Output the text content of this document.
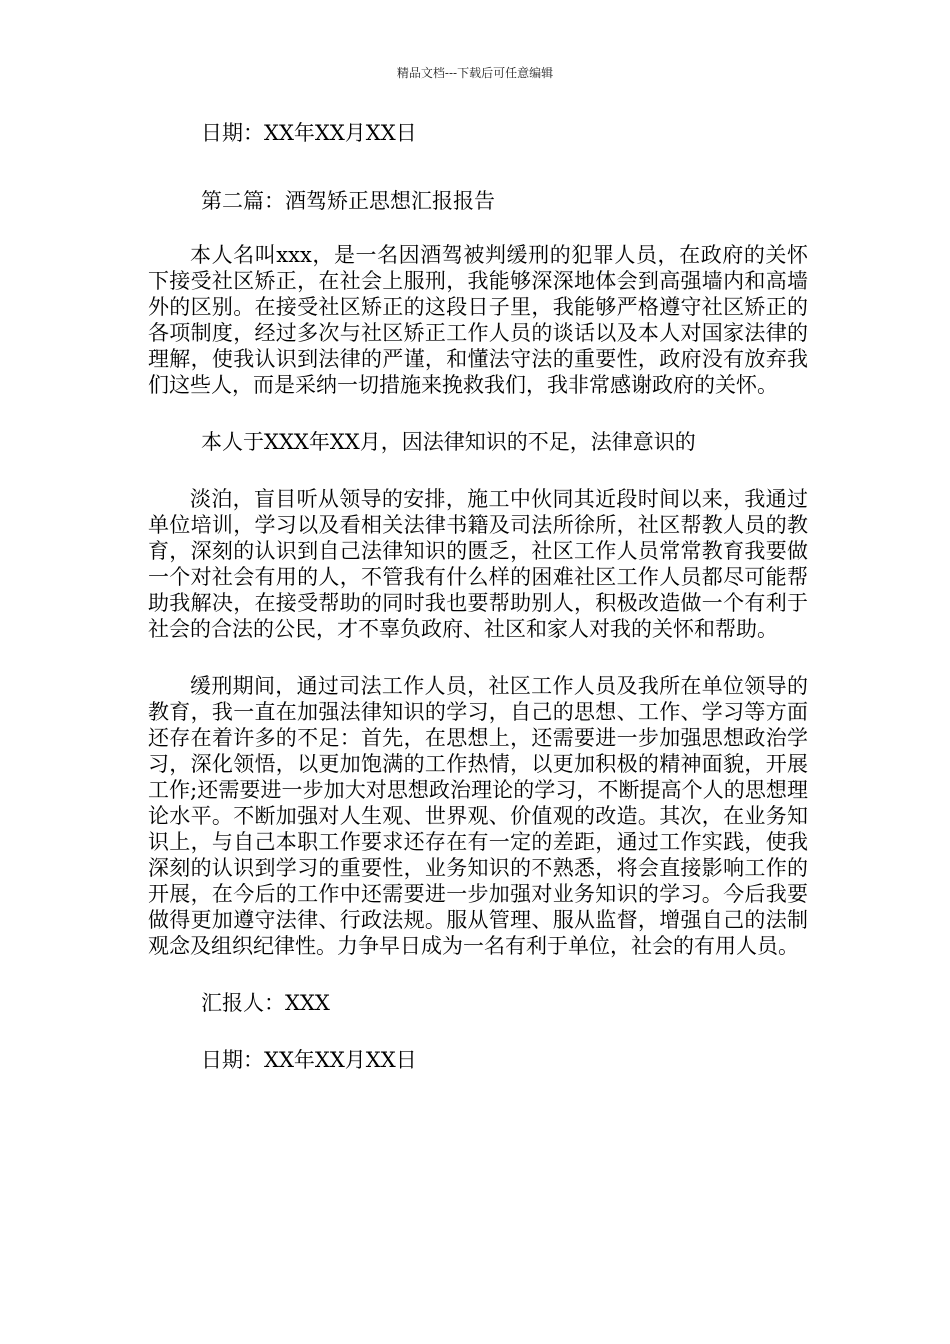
精品文档---下载后可任意编辑

日期：XX年XX月XX日

第二篇：酒驾矫正思想汇报报告

本人名叫xxx，是一名因酒驾被判缓刑的犯罪人员，在政府的关怀下接受社区矫正，在社会上服刑，我能够深深地体会到高强墙内和高墙外的区别。在接受社区矫正的这段日子里，我能够严格遵守社区矫正的各项制度，经过多次与社区矫正工作人员的谈话以及本人对国家法律的理解，使我认识到法律的严谨，和懂法守法的重要性，政府没有放弃我们这些人，而是采纳一切措施来挽救我们，我非常感谢政府的关怀。

本人于XXX年XX月，因法律知识的不足，法律意识的

淡泊，盲目听从领导的安排，施工中伙同其近段时间以来，我通过单位培训，学习以及看相关法律书籍及司法所徐所，社区帮教人员的教育，深刻的认识到自己法律知识的匮乏，社区工作人员常常教育我要做一个对社会有用的人，不管我有什么样的困难社区工作人员都尽可能帮助我解决，在接受帮助的同时我也要帮助别人，积极改造做一个有利于社会的合法的公民，才不辜负政府、社区和家人对我的关怀和帮助。

缓刑期间，通过司法工作人员，社区工作人员及我所在单位领导的教育，我一直在加强法律知识的学习，自己的思想、工作、学习等方面还存在着许多的不足：首先，在思想上，还需要进一步加强思想政治学习，深化领悟，以更加饱满的工作热情，以更加积极的精神面貌，开展工作;还需要进一步加大对思想政治理论的学习，不断提高个人的思想理论水平。不断加强对人生观、世界观、价值观的改造。其次，在业务知识上，与自己本职工作要求还存在有一定的差距，通过工作实践，使我深刻的认识到学习的重要性，业务知识的不熟悉，将会直接影响工作的开展，在今后的工作中还需要进一步加强对业务知识的学习。今后我要做得更加遵守法律、行政法规。服从管理、服从监督，增强自己的法制观念及组织纪律性。力争早日成为一名有利于单位，社会的有用人员。

汇报人：XXX

日期：XX年XX月XX日
